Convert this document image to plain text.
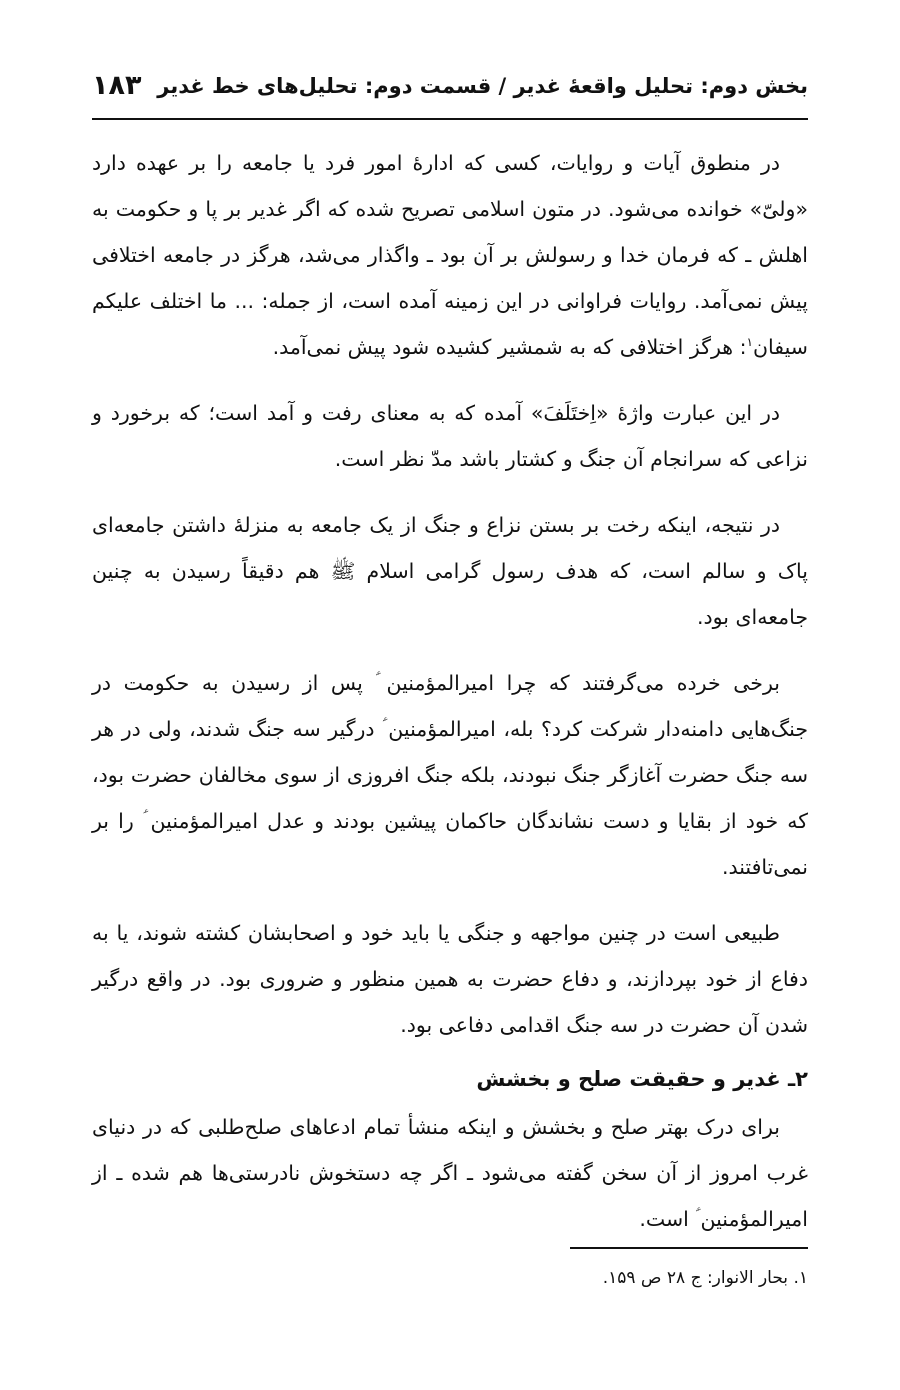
بخش دوم: تحلیل واقعهٔ غدیر / قسمت دوم: تحلیل‌های خط غدیر
۱۸۳

در منطوق آیات و روایات، کسی که ادارهٔ امور فرد یا جامعه را بر عهده دارد «ولیّ» خوانده می‌شود. در متون اسلامی تصریح شده که اگر غدیر بر پا و حکومت به اهلش ـ که فرمان خدا و رسولش بر آن بود ـ واگذار می‌شد، هرگز در جامعه اختلافی پیش نمی‌آمد. روایات فراوانی در این زمینه آمده است، از جمله: ... ما اختلف علیکم سیفان$^۱$: هرگز اختلافی که به شمشیر کشیده شود پیش نمی‌آمد.

در این عبارت واژهٔ «اِختَلَفَ» آمده که به معنای رفت و آمد است؛ که برخورد و نزاعی که سرانجام آن جنگ و کشتار باشد مدّ نظر است.

در نتیجه، اینکه رخت بر بستن نزاع و جنگ از یک جامعه به منزلهٔ داشتن جامعه‌ای پاک و سالم است، که هدف رسول گرامی اسلام ﷺ هم دقیقاً رسیدن به چنین جامعه‌ای بود.

برخی خرده می‌گرفتند که چرا امیرالمؤمنین ؑ پس از رسیدن به حکومت در جنگ‌هایی دامنه‌دار شرکت کرد؟ بله، امیرالمؤمنین ؑ درگیر سه جنگ شدند، ولی در هر سه جنگ حضرت آغازگر جنگ نبودند، بلکه جنگ افروزی از سوی مخالفان حضرت بود، که خود از بقایا و دست نشاندگان حاکمان پیشین بودند و عدل امیرالمؤمنین ؑ را بر نمی‌تافتند.

طبیعی است در چنین مواجهه و جنگی یا باید خود و اصحابشان کشته شوند، یا به دفاع از خود بپردازند، و دفاع حضرت به همین منظور و ضروری بود. در واقع درگیر شدن آن حضرت در سه جنگ اقدامی دفاعی بود.

۲ـ غدیر و حقیقت صلح و بخشش

برای درک بهتر صلح و بخشش و اینکه منشأ تمام ادعاهای صلح‌طلبی که در دنیای غرب امروز از آن سخن گفته می‌شود ـ اگر چه دستخوش نادرستی‌ها هم شده ـ از امیرالمؤمنین ؑ است.

۱. بحار الانوار: ج ۲۸ ص ۱۵۹.
